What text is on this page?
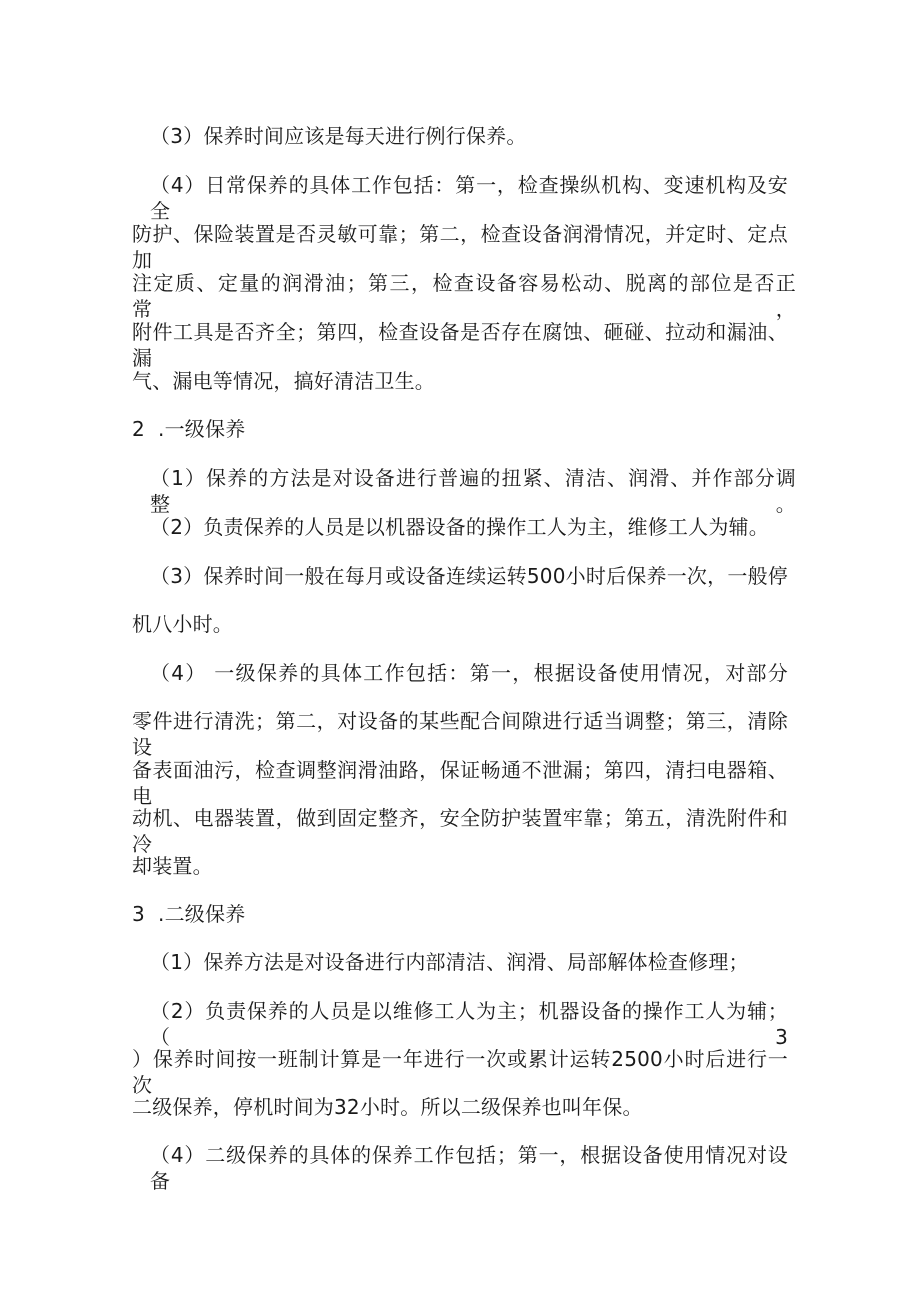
（3）保养时间应该是每天进行例行保养。
（4）日常保养的具体工作包括：第一，检查操纵机构、变速机构及安全
防护、保险装置是否灵敏可靠；第二，检查设备润滑情况，并定时、定点加
注定质、定量的润滑油；第三，检查设备容易松动、脱离的部位是否正常，
附件工具是否齐全；第四，检查设备是否存在腐蚀、砸碰、拉动和漏油、漏
气、漏电等情况，搞好清洁卫生。
2  .一级保养
（1）保养的方法是对设备进行普遍的扭紧、清洁、润滑、并作部分调整。
（2）负责保养的人员是以机器设备的操作工人为主，维修工人为辅。
（3）保养时间一般在每月或设备连续运转500小时后保养一次，一般停
机八小时。
（4） 一级保养的具体工作包括：第一，根据设备使用情况，对部分
零件进行清洗；第二，对设备的某些配合间隙进行适当调整；第三，清除设
备表面油污，检查调整润滑油路，保证畅通不泄漏；第四，清扫电器箱、电
动机、电器装置，做到固定整齐，安全防护装置牢靠；第五，清洗附件和冷
却装置。
3  .二级保养
（1）保养方法是对设备进行内部清洁、润滑、局部解体检查修理；
（2）负责保养的人员是以维修工人为主；机器设备的操作工人为辅；（3
）保养时间按一班制计算是一年进行一次或累计运转2500小时后进行一次
二级保养，停机时间为32小时。所以二级保养也叫年保。
（4）二级保养的具体的保养工作包括；第一，根据设备使用情况对设备
